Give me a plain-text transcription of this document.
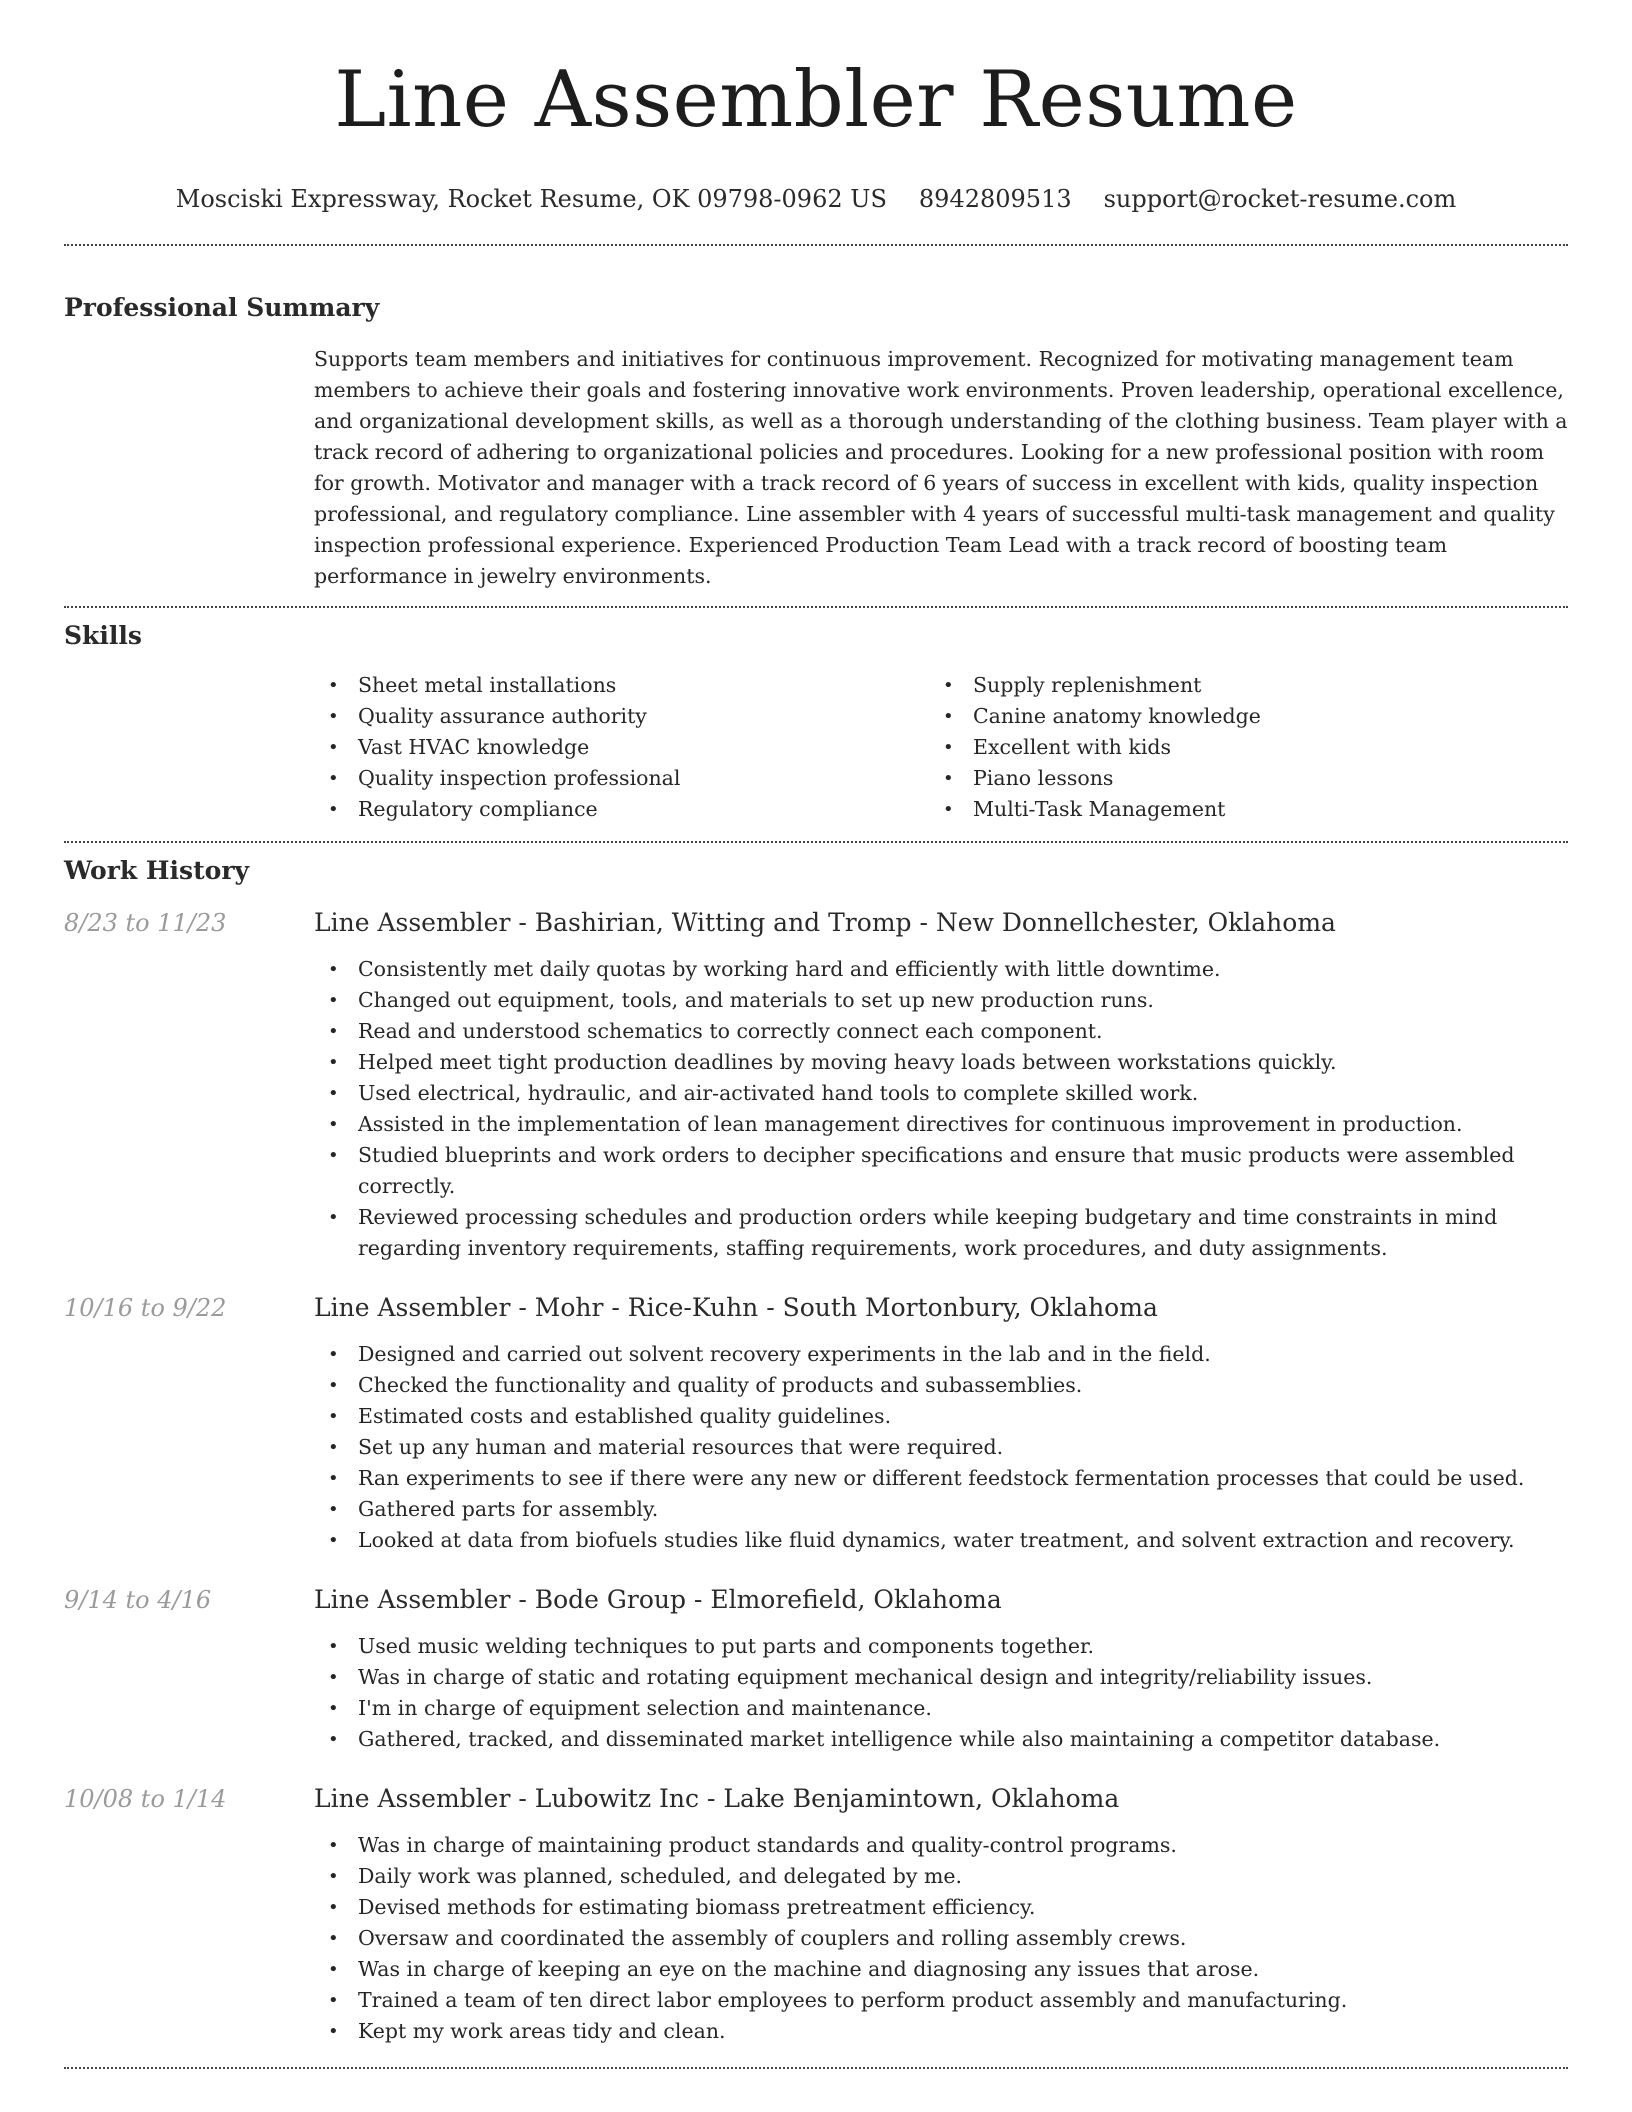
Line Assembler Resume
Mosciski Expressway, Rocket Resume, OK 09798-0962 US 8942809513 support@rocket-resume.com
Professional Summary

Supports team members and initiatives for continuous improvement. Recognized for motivating management team members to achieve their goals and fostering innovative work environments. Proven leadership, operational excellence, and organizational development skills, as well as a thorough understanding of the clothing business. Team player with a track record of adhering to organizational policies and procedures. Looking for a new professional position with room for growth. Motivator and manager with a track record of 6 years of success in excellent with kids, quality inspection professional, and regulatory compliance. Line assembler with 4 years of successful multi-task management and quality inspection professional experience. Experienced Production Team Lead with a track record of boosting team performance in jewelry environments.

Skills
• Sheet metal installations
• Quality assurance authority
• Vast HVAC knowledge
• Quality inspection professional
• Regulatory compliance
• Supply replenishment
• Canine anatomy knowledge
• Excellent with kids
• Piano lessons
• Multi-Task Management
Work History
8/23 to 11/23	Line Assembler - Bashirian, Witting and Tromp - New Donnellchester, Oklahoma
• Consistently met daily quotas by working hard and efficiently with little downtime.
• Changed out equipment, tools, and materials to set up new production runs.
• Read and understood schematics to correctly connect each component.
• Helped meet tight production deadlines by moving heavy loads between workstations quickly.
• Used electrical, hydraulic, and air-activated hand tools to complete skilled work.
• Assisted in the implementation of lean management directives for continuous improvement in production.
• Studied blueprints and work orders to decipher specifications and ensure that music products were assembled correctly.
• Reviewed processing schedules and production orders while keeping budgetary and time constraints in mind regarding inventory requirements, staffing requirements, work procedures, and duty assignments.
10/16 to 9/22	Line Assembler - Mohr - Rice-Kuhn - South Mortonbury, Oklahoma
• Designed and carried out solvent recovery experiments in the lab and in the field.
• Checked the functionality and quality of products and subassemblies.
• Estimated costs and established quality guidelines.
• Set up any human and material resources that were required.
• Ran experiments to see if there were any new or different feedstock fermentation processes that could be used.
• Gathered parts for assembly.
• Looked at data from biofuels studies like fluid dynamics, water treatment, and solvent extraction and recovery.
9/14 to 4/16	Line Assembler - Bode Group - Elmorefield, Oklahoma
• Used music welding techniques to put parts and components together.
• Was in charge of static and rotating equipment mechanical design and integrity/reliability issues.
• I'm in charge of equipment selection and maintenance.
• Gathered, tracked, and disseminated market intelligence while also maintaining a competitor database.
10/08 to 1/14	Line Assembler - Lubowitz Inc - Lake Benjamintown, Oklahoma
• Was in charge of maintaining product standards and quality-control programs.
• Daily work was planned, scheduled, and delegated by me.
• Devised methods for estimating biomass pretreatment efficiency.
• Oversaw and coordinated the assembly of couplers and rolling assembly crews.
• Was in charge of keeping an eye on the machine and diagnosing any issues that arose.
• Trained a team of ten direct labor employees to perform product assembly and manufacturing.
• Kept my work areas tidy and clean.
